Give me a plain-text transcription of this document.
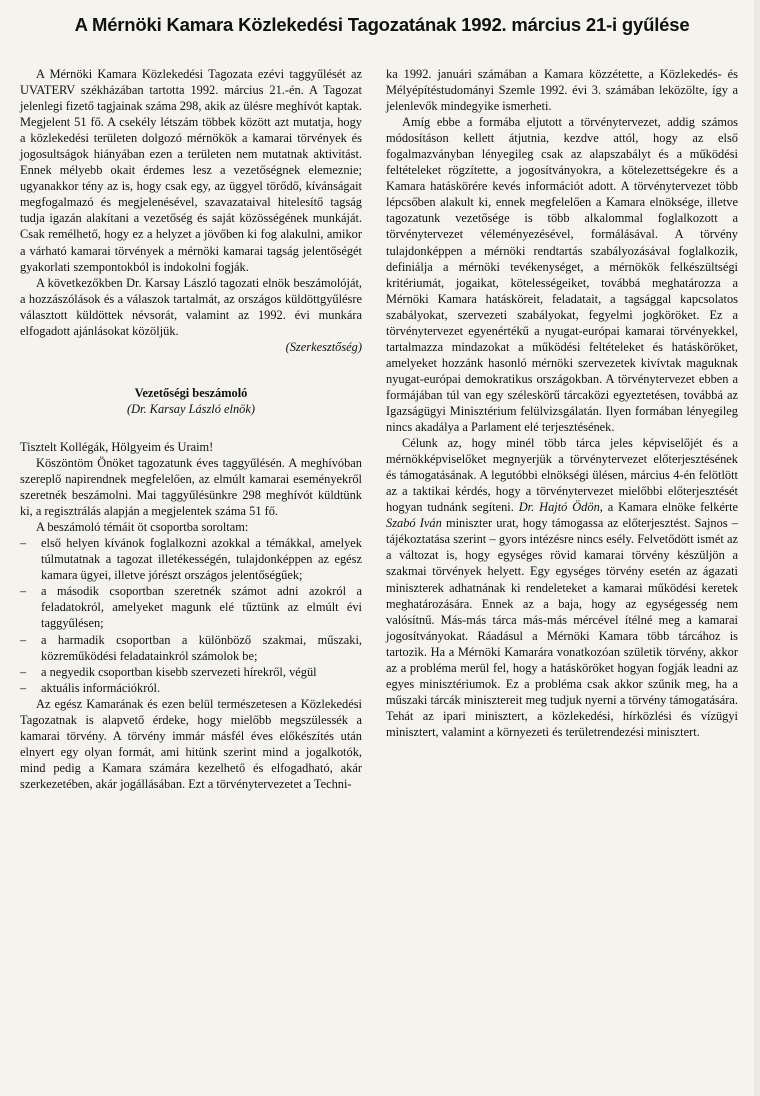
A Mérnöki Kamara Közlekedési Tagozatának 1992. március 21-i gyűlése

A Mérnöki Kamara Közlekedési Tagozata ezévi taggyűlését az UVATERV székházában tartotta 1992. március 21.-én. A Tagozat jelenlegi fizető tagjainak száma 298, akik az ülésre meghívót kaptak. Megjelent 51 fő. A csekély létszám többek között azt mutatja, hogy a közlekedési területen dolgozó mérnökök a kamarai törvények és jogosultságok hiányában ezen a területen nem mutatnak aktivitást. Ennek mélyebb okait érdemes lesz a vezetőségnek elemeznie; ugyanakkor tény az is, hogy csak egy, az üggyel törődő, kívánságait megfogalmazó és megjelenésével, szavazataival hitelesítő tagság tudja igazán alakítani a vezetőség és saját közösségének munkáját. Csak remélhető, hogy ez a helyzet a jövőben ki fog alakulni, amikor a várható kamarai törvények a mérnöki kamarai tagság jelentőségét gyakorlati szempontokból is indokolni fogják.

A következőkben Dr. Karsay László tagozati elnök beszámolóját, a hozzászólások és a válaszok tartalmát, az országos küldöttgyűlésre választott küldöttek névsorát, valamint az 1992. évi munkára elfogadott ajánlásokat közöljük.

(Szerkesztőség)

Vezetőségi beszámoló

(Dr. Karsay László elnök)

Tisztelt Kollégák, Hölgyeim és Uraim!

Köszöntöm Önöket tagozatunk éves taggyűlésén. A meghívóban szereplő napirendnek megfelelően, az elmúlt kamarai eseményekről szeretnék beszámolni. Mai taggyűlésünkre 298 meghívót küldtünk ki, a regisztrálás alapján a megjelentek száma 51 fő.

A beszámoló témáit öt csoportba soroltam:

– első helyen kívánok foglalkozni azokkal a témákkal, amelyek túlmutatnak a tagozat illetékességén, tulajdonképpen az egész kamara ügyei, illetve jórészt országos jelentőségűek;
– a második csoportban szeretnék számot adni azokról a feladatokról, amelyeket magunk elé tűztünk az elmúlt évi taggyűlésen;
– a harmadik csoportban a különböző szakmai, műszaki, közreműködési feladatainkról számolok be;
– a negyedik csoportban kisebb szervezeti hírekről, végül
– aktuális információkról.

Az egész Kamarának és ezen belül természetesen a Közlekedési Tagozatnak is alapvető érdeke, hogy mielőbb megszülessék a kamarai törvény. A törvény immár másfél éves előkészítés után elnyert egy olyan formát, ami hitünk szerint mind a jogalkotók, mind pedig a Kamara számára kezelhető és elfogadható, akár szerkezetében, akár jogállásában. Ezt a törvénytervezetet a Techni-

ka 1992. januári számában a Kamara közzétette, a Közlekedés- és Mélyépítéstudományi Szemle 1992. évi 3. számában leközölte, így a jelenlevők mindegyike ismerheti.

Amíg ebbe a formába eljutott a törvénytervezet, addig számos módosításon kellett átjutnia, kezdve attól, hogy az első fogalmazványban lényegileg csak az alapszabályt és a működési feltételeket rögzítette, a jogosítványokra, a kötelezettségekre és a Kamara hatáskörére kevés információt adott. A törvénytervezet több lépcsőben alakult ki, ennek megfelelően a Kamara elnöksége, illetve tagozatunk vezetősége is több alkalommal foglalkozott a törvénytervezet véleményezésével, formálásával. A törvény tulajdonképpen a mérnöki rendtartás szabályozásával foglalkozik, definiálja a mérnöki tevékenységet, a mérnökök felkészültségi kritériumát, jogaikat, kötelességeiket, továbbá meghatározza a Mérnöki Kamara hatásköreit, feladatait, a tagsággal kapcsolatos szabályokat, szervezeti szabályokat, fegyelmi jogköröket. Ez a törvénytervezet egyenértékű a nyugat-európai kamarai törvényekkel, tartalmazza mindazokat a működési feltételeket és hatásköröket, amelyeket hozzánk hasonló mérnöki szervezetek kivívtak maguknak nyugat-európai demokratikus országokban. A törvénytervezet ebben a formájában túl van egy széleskörű tárcaközi egyeztetésen, továbbá az Igazságügyi Minisztérium felülvizsgálatán. Ilyen formában lényegileg nincs akadálya a Parlament elé terjesztésének.

Célunk az, hogy minél több tárca jeles képviselőjét és a mérnökképviselőket megnyerjük a törvénytervezet előterjesztésének és támogatásának. A legutóbbi elnökségi ülésen, március 4-én felötlött az a taktikai kérdés, hogy a törvénytervezet mielőbbi előterjesztését hogyan tudnánk segíteni. Dr. Hajtó Ödön, a Kamara elnöke felkérte Szabó Iván miniszter urat, hogy támogassa az előterjesztést. Sajnos – tájékoztatása szerint – gyors intézésre nincs esély. Felvetődött ismét az a változat is, hogy egységes rövid kamarai törvény készüljön a szakmai törvények helyett. Egy egységes törvény esetén az ágazati miniszterek adhatnának ki rendeleteket a kamarai működési keretek meghatározására. Ennek az a baja, hogy az egységesség nem valósítnű. Más-más tárca más-más mércével ítélné meg a kamarai jogosítványokat. Ráadásul a Mérnöki Kamara több tárcához is tartozik. Ha a Mérnöki Kamarára vonatkozóan születik törvény, akkor az a probléma merül fel, hogy a hatásköröket hogyan fogják leadni az egyes minisztériumok. Ez a probléma csak akkor szűnik meg, ha a műszaki tárcák minisztereit meg tudjuk nyerni a törvény támogatására. Tehát az ipari minisztert, a közlekedési, hírközlési és vízügyi minisztert, valamint a környezeti és területrendezési minisztert.
